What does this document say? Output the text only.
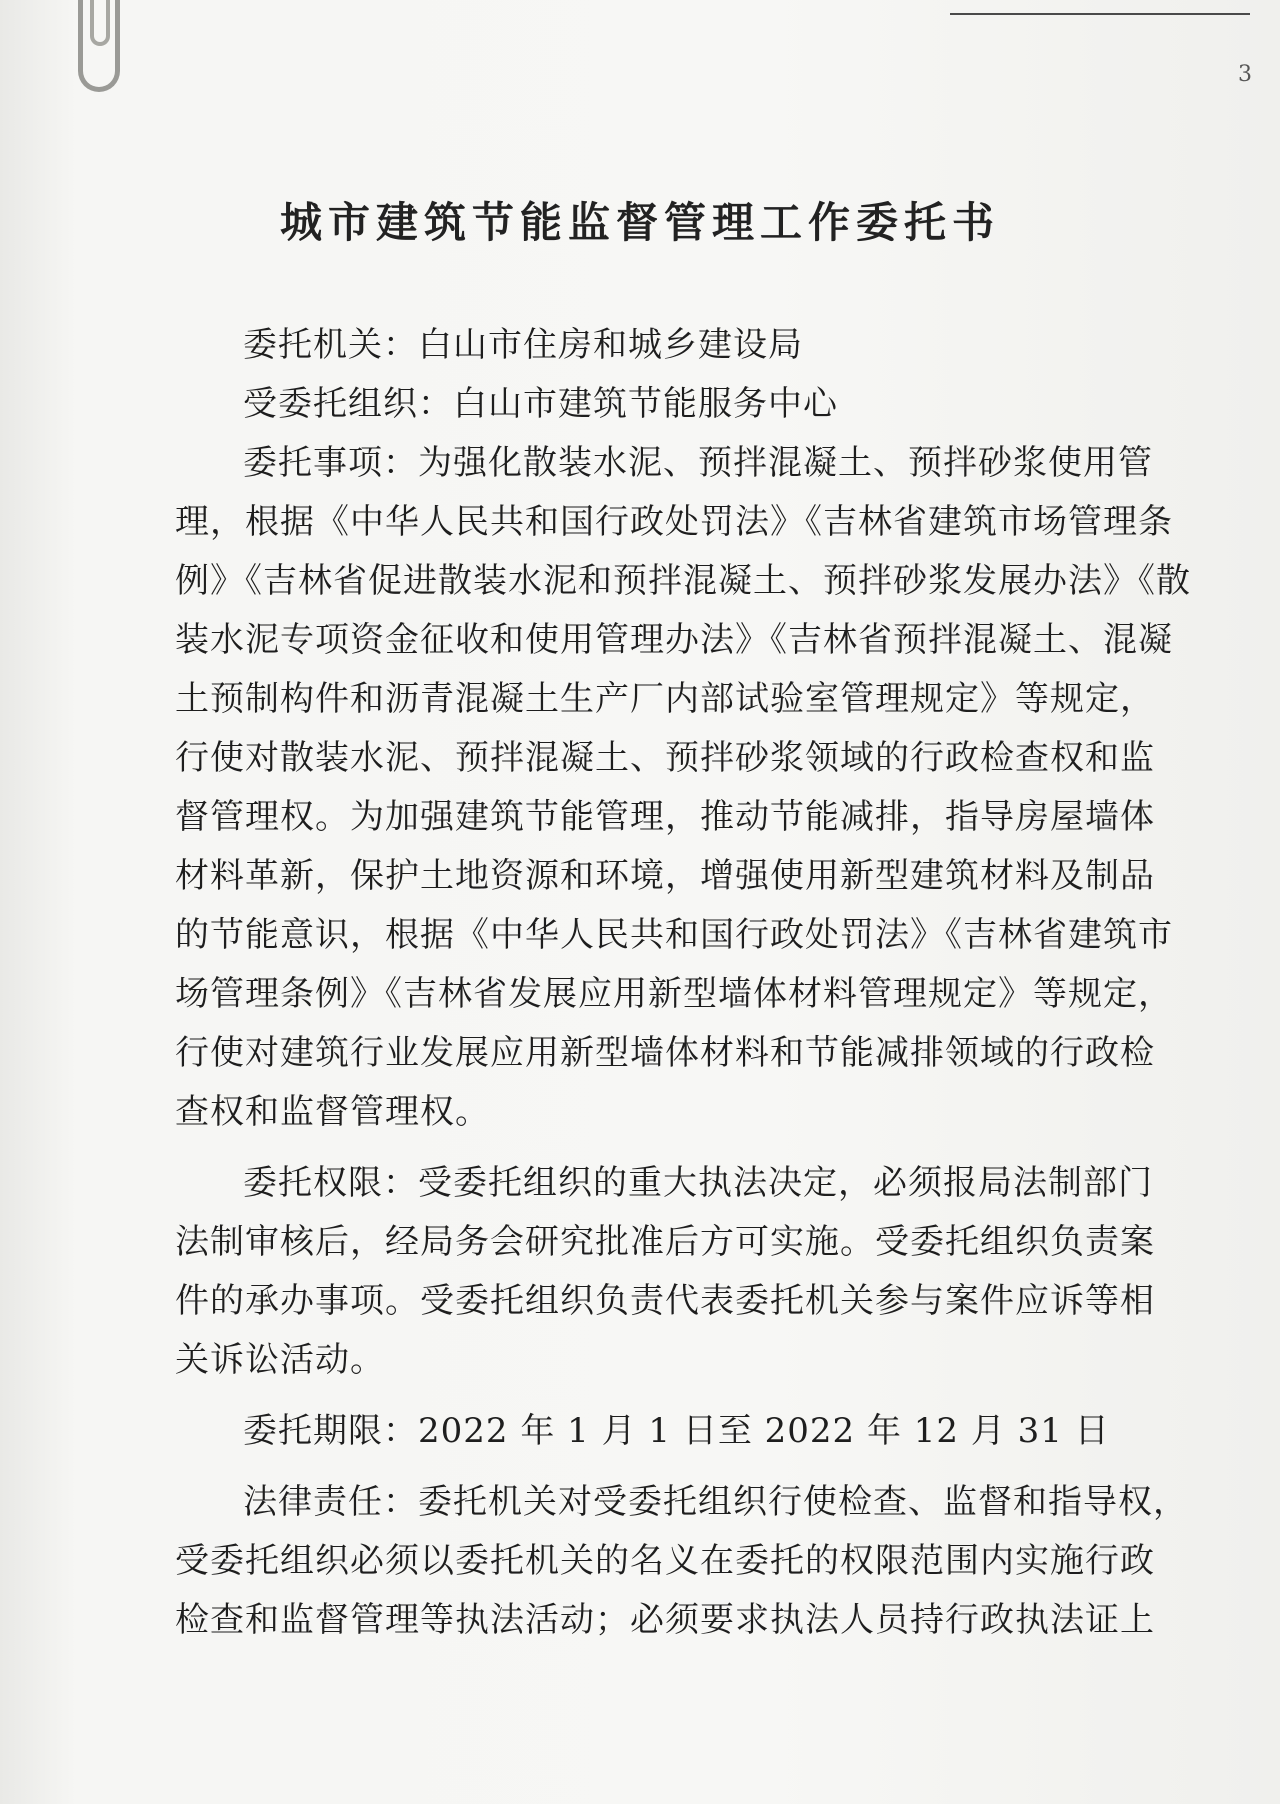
3
城市建筑节能监督管理工作委托书

委托机关：白山市住房和城乡建设局

受委托组织：白山市建筑节能服务中心

委托事项：为强化散装水泥、预拌混凝土、预拌砂浆使用管
理，根据《中华人民共和国行政处罚法》《吉林省建筑市场管理条
例》《吉林省促进散装水泥和预拌混凝土、预拌砂浆发展办法》《散
装水泥专项资金征收和使用管理办法》《吉林省预拌混凝土、混凝
土预制构件和沥青混凝土生产厂内部试验室管理规定》等规定，
行使对散装水泥、预拌混凝土、预拌砂浆领域的行政检查权和监
督管理权。为加强建筑节能管理，推动节能减排，指导房屋墙体
材料革新，保护土地资源和环境，增强使用新型建筑材料及制品
的节能意识，根据《中华人民共和国行政处罚法》《吉林省建筑市
场管理条例》《吉林省发展应用新型墙体材料管理规定》等规定，
行使对建筑行业发展应用新型墙体材料和节能减排领域的行政检
查权和监督管理权。

委托权限：受委托组织的重大执法决定，必须报局法制部门
法制审核后，经局务会研究批准后方可实施。受委托组织负责案
件的承办事项。受委托组织负责代表委托机关参与案件应诉等相
关诉讼活动。

委托期限：2022 年 1 月 1 日至 2022 年 12 月 31 日

法律责任：委托机关对受委托组织行使检查、监督和指导权，
受委托组织必须以委托机关的名义在委托的权限范围内实施行政
检查和监督管理等执法活动；必须要求执法人员持行政执法证上
